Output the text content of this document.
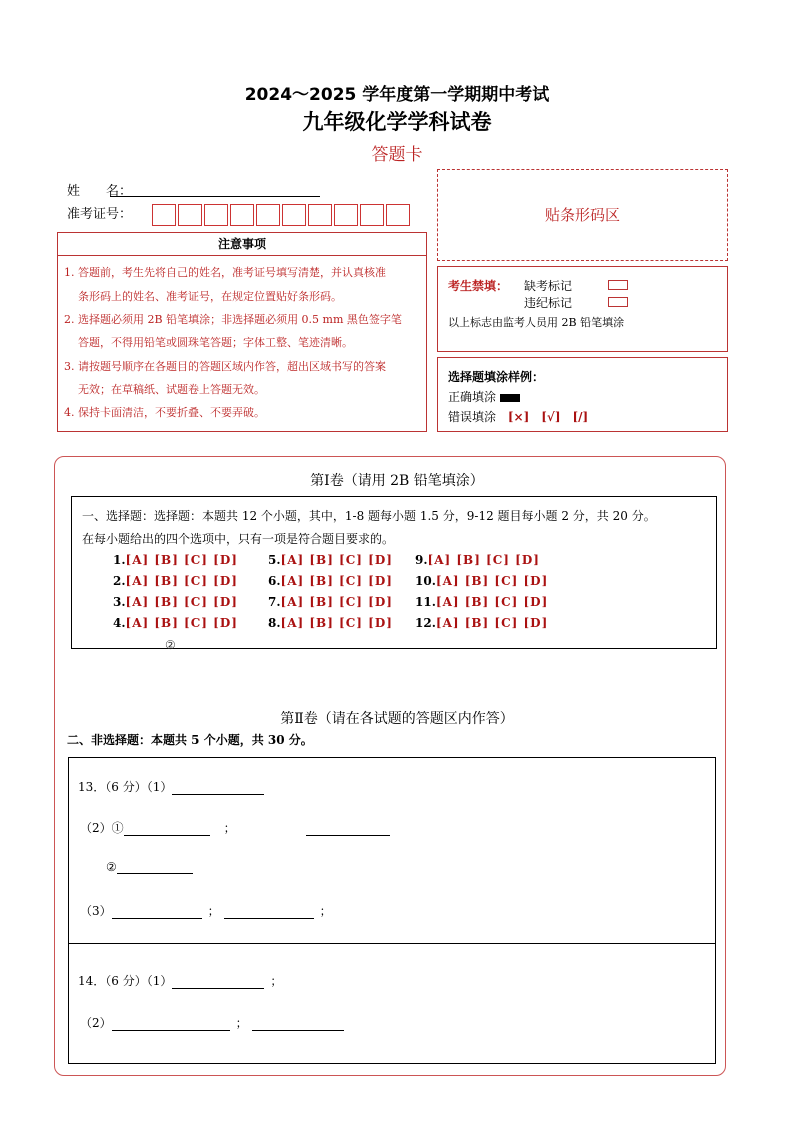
2024～2025 学年度第一学期期中考试
九年级化学学科试卷
答题卡
姓　　名：
准考证号：	贴条形码区
注意事项
1. 答题前，考生先将自己的姓名，准考证号填写清楚，并认真核准
条形码上的姓名、准考证号，在规定位置贴好条形码。
2. 选择题必须用 2B 铅笔填涂；非选择题必须用 0.5 mm 黑色签字笔
答题，不得用铅笔或圆珠笔答题；字体工整、笔迹清晰。
3. 请按题号顺序在各题目的答题区域内作答，超出区域书写的答案
无效；在草稿纸、试题卷上答题无效。
4. 保持卡面清洁，不要折叠、不要弄破。
考生禁填： 缺考标记
违纪标记
以上标志由监考人员用 2B 铅笔填涂
选择题填涂样例：
正确填涂
错误填涂 [×]　[√]　[/]
第Ⅰ卷（请用 2B 铅笔填涂）
一、选择题：选择题：本题共 12 个小题，其中，1-8 题每小题 1.5 分，9-12 题目每小题 2 分，共 20 分。
在每小题给出的四个选项中，只有一项是符合题目要求的。
1.[A] [B] [C] [D]
2.[A] [B] [C] [D]
3.[A] [B] [C] [D]
4.[A] [B] [C] [D]
5.[A] [B] [C] [D]
6.[A] [B] [C] [D]
7.[A] [B] [C] [D]
8.[A] [B] [C] [D]
9.[A] [B] [C] [D]
10.[A] [B] [C] [D]
11.[A] [B] [C] [D]
12.[A] [B] [C] [D]
②
第Ⅱ卷（请在各试题的答题区内作答）
二、非选择题：本题共 5 个小题，共 30 分。
13．（6 分）（1）
（2）①	；
②
（3）	；	；
14．（6 分）（1）	；
（2）	；
